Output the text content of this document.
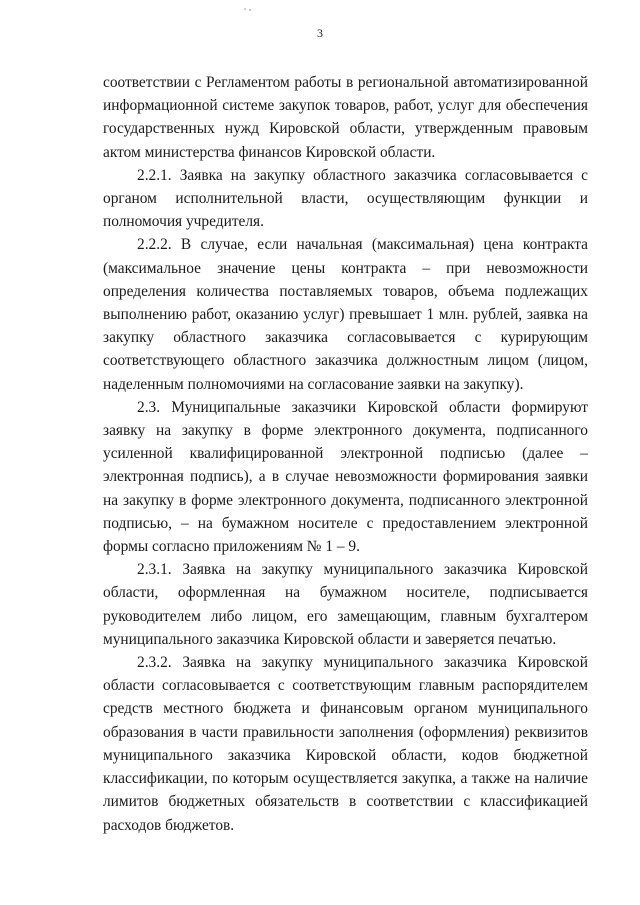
3

соответствии с Регламентом работы в региональной автоматизированной информационной системе закупок товаров, работ, услуг для обеспечения государственных нужд Кировской области, утвержденным правовым актом министерства финансов Кировской области.

2.2.1. Заявка на закупку областного заказчика согласовывается с органом исполнительной власти, осуществляющим функции и полномочия учредителя.

2.2.2. В случае, если начальная (максимальная) цена контракта (максимальное значение цены контракта – при невозможности определения количества поставляемых товаров, объема подлежащих выполнению работ, оказанию услуг) превышает 1 млн. рублей, заявка на закупку областного заказчика согласовывается с курирующим соответствующего областного заказчика должностным лицом (лицом, наделенным полномочиями на согласование заявки на закупку).

2.3. Муниципальные заказчики Кировской области формируют заявку на закупку в форме электронного документа, подписанного усиленной квалифицированной электронной подписью (далее – электронная подпись), а в случае невозможности формирования заявки на закупку в форме электронного документа, подписанного электронной подписью, – на бумажном носителе с предоставлением электронной формы согласно приложениям № 1 – 9.

2.3.1. Заявка на закупку муниципального заказчика Кировской области, оформленная на бумажном носителе, подписывается руководителем либо лицом, его замещающим, главным бухгалтером муниципального заказчика Кировской области и заверяется печатью.

2.3.2. Заявка на закупку муниципального заказчика Кировской области согласовывается с соответствующим главным распорядителем средств местного бюджета и финансовым органом муниципального образования в части правильности заполнения (оформления) реквизитов муниципального заказчика Кировской области, кодов бюджетной классификации, по которым осуществляется закупка, а также на наличие лимитов бюджетных обязательств в соответствии с классификацией расходов бюджетов.
